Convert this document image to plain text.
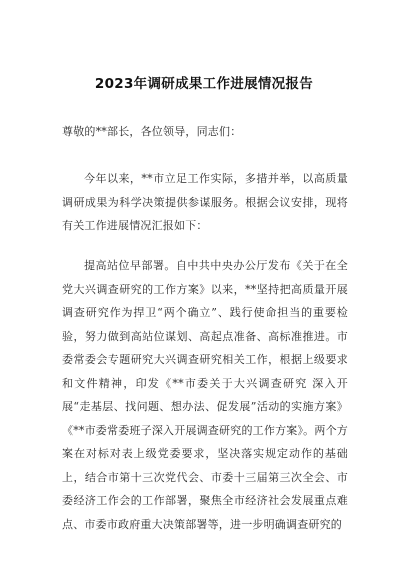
2023年调研成果工作进展情况报告
尊敬的**部长，各位领导，同志们：
今年以来，**市立足工作实际，多措并举，以高质量调研成果为科学决策提供参谋服务。根据会议安排，现将有关工作进展情况汇报如下：
提高站位早部署。自中共中央办公厅发布《关于在全党大兴调查研究的工作方案》以来，**坚持把高质量开展调查研究作为捍卫“两个确立”、践行使命担当的重要检验，努力做到高站位谋划、高起点准备、高标准推进。市委常委会专题研究大兴调查研究相关工作，根据上级要求和文件精神，印发《**市委关于大兴调查研究 深入开展“走基层、找问题、想办法、促发展”活动的实施方案》《**市委常委班子深入开展调查研究的工作方案》。两个方案在对标对表上级党委要求，坚决落实规定动作的基础上，结合市第十三次党代会、市委十三届第三次全会、市委经济工作会的工作部署，聚焦全市经济社会发展重点难点、市委市政府重大决策部署等，进一步明确调查研究的
